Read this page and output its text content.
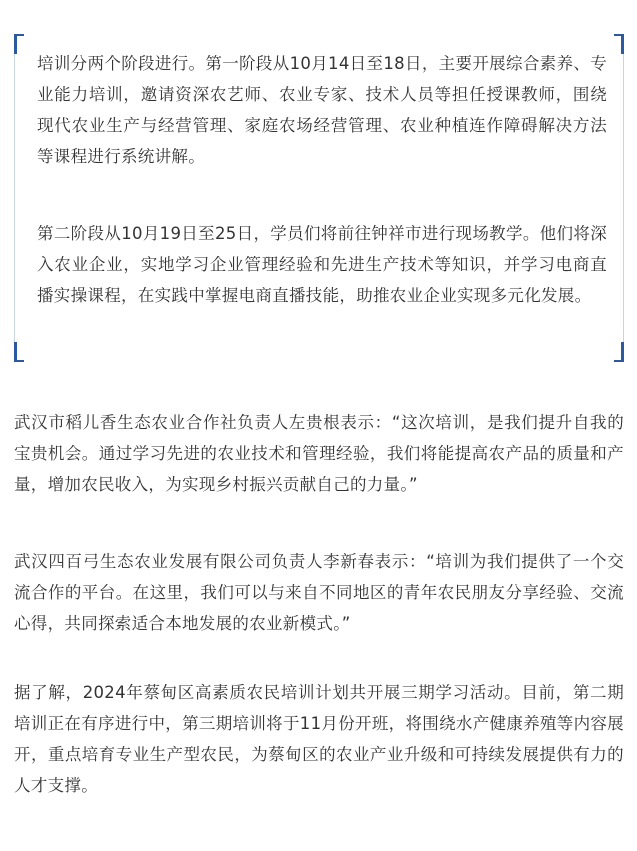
培训分两个阶段进行。第一阶段从10月14日至18日，主要开展综合素养、专业能力培训，邀请资深农艺师、农业专家、技术人员等担任授课教师，围绕现代农业生产与经营管理、家庭农场经营管理、农业种植连作障碍解决方法等课程进行系统讲解。

第二阶段从10月19日至25日，学员们将前往钟祥市进行现场教学。他们将深入农业企业，实地学习企业管理经验和先进生产技术等知识，并学习电商直播实操课程，在实践中掌握电商直播技能，助推农业企业实现多元化发展。

武汉市稻儿香生态农业合作社负责人左贵根表示：“这次培训，是我们提升自我的宝贵机会。通过学习先进的农业技术和管理经验，我们将能提高农产品的质量和产量，增加农民收入，为实现乡村振兴贡献自己的力量。”

武汉四百弓生态农业发展有限公司负责人李新春表示：“培训为我们提供了一个交流合作的平台。在这里，我们可以与来自不同地区的青年农民朋友分享经验、交流心得，共同探索适合本地发展的农业新模式。”

据了解，2024年蔡甸区高素质农民培训计划共开展三期学习活动。目前，第二期培训正在有序进行中，第三期培训将于11月份开班，将围绕水产健康养殖等内容展开，重点培育专业生产型农民，为蔡甸区的农业产业升级和可持续发展提供有力的人才支撑。
